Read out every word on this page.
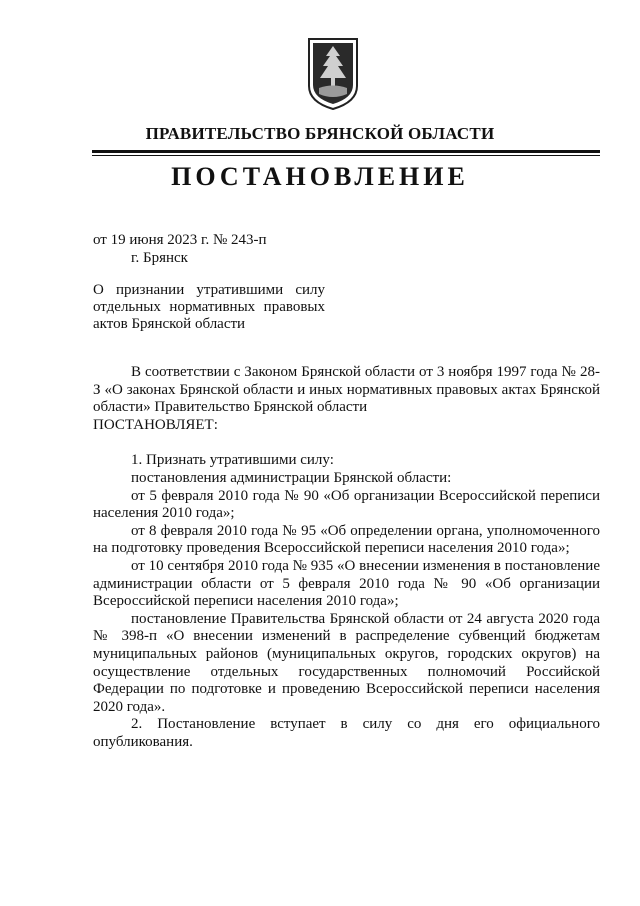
ПРАВИТЕЛЬСТВО БРЯНСКОЙ ОБЛАСТИ
ПОСТАНОВЛЕНИЕ
от 19 июня 2023 г. № 243-п
г. Брянск
О признании утратившими силу
отдельных нормативных правовых
актов Брянской области

В соответствии с Законом Брянской области от 3 ноября 1997 года № 28-З «О законах Брянской области и иных нормативных правовых актах Брянской области» Правительство Брянской области

ПОСТАНОВЛЯЕТ:

1. Признать утратившими силу:

постановления администрации Брянской области:

от 5 февраля 2010 года № 90 «Об организации Всероссийской переписи населения 2010 года»;

от 8 февраля 2010 года № 95 «Об определении органа, уполномоченного на подготовку проведения Всероссийской переписи населения 2010 года»;

от 10 сентября 2010 года № 935 «О внесении изменения в постановление администрации области от 5 февраля 2010 года № 90 «Об организации Всероссийской переписи населения 2010 года»;

постановление Правительства Брянской области от 24 августа 2020 года № 398-п «О внесении изменений в распределение субвенций бюджетам муниципальных районов (муниципальных округов, городских округов) на осуществление отдельных государственных полномочий Российской Федерации по подготовке и проведению Всероссийской переписи населения 2020 года».

2. Постановление вступает в силу со дня его официального опубликования.
